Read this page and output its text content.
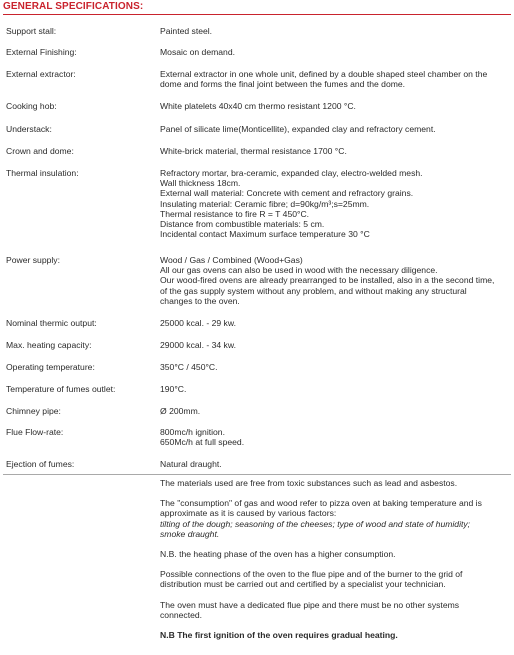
GENERAL SPECIFICATIONS:
Support stall:	Painted steel.
External Finishing:	Mosaic on demand.
External extractor:	External extractor in one whole unit, defined by a double shaped steel chamber on the
dome and forms the final joint between the fumes and the dome.
Cooking hob:	White platelets 40x40 cm thermo resistant 1200 °C.
Understack:	Panel of silicate lime(Monticellite), expanded clay and refractory cement.
Crown and dome:	White-brick material, thermal resistance 1700 °C.
Thermal insulation:	Refractory mortar, bra-ceramic, expanded clay, electro-welded mesh.
Wall thickness 18cm.
External wall material: Concrete with cement and refractory grains.
Insulating material: Ceramic fibre; d=90kg/m³;s=25mm.
Thermal resistance to fire R = T 450°C.
Distance from combustible materials: 5 cm.
Incidental contact Maximum surface temperature 30 °C
Power supply:	Wood / Gas / Combined (Wood+Gas)
All our gas ovens can also be used in wood with the necessary diligence.
Our wood-fired ovens are already prearranged to be installed, also in a the second time,
of the gas supply system without any problem, and without making any structural
changes to the oven.
Nominal thermic output:	25000 kcal. - 29 kw.
Max. heating capacity:	29000 kcal. - 34 kw.
Operating temperature:	350°C / 450°C.
Temperature of fumes outlet:	190°C.
Chimney pipe:	Ø 200mm.
Flue Flow-rate:	800mc/h ignition.
650Mc/h at full speed.
Ejection of fumes:	Natural draught.
The materials used are free from toxic substances such as lead and asbestos.
The "consumption" of gas and wood refer to pizza oven at baking temperature and is
approximate as it is caused by various factors:
tilting of the dough; seasoning of the cheeses; type of wood and state of humidity;
smoke draught.
N.B. the heating phase of the oven has a higher consumption.
Possible connections of the oven to the flue pipe and of the burner to the grid of
distribution must be carried out and certified by a specialist your technician.
The oven must have a dedicated flue pipe and there must be no other systems
connected.
N.B The first ignition of the oven requires gradual heating.
